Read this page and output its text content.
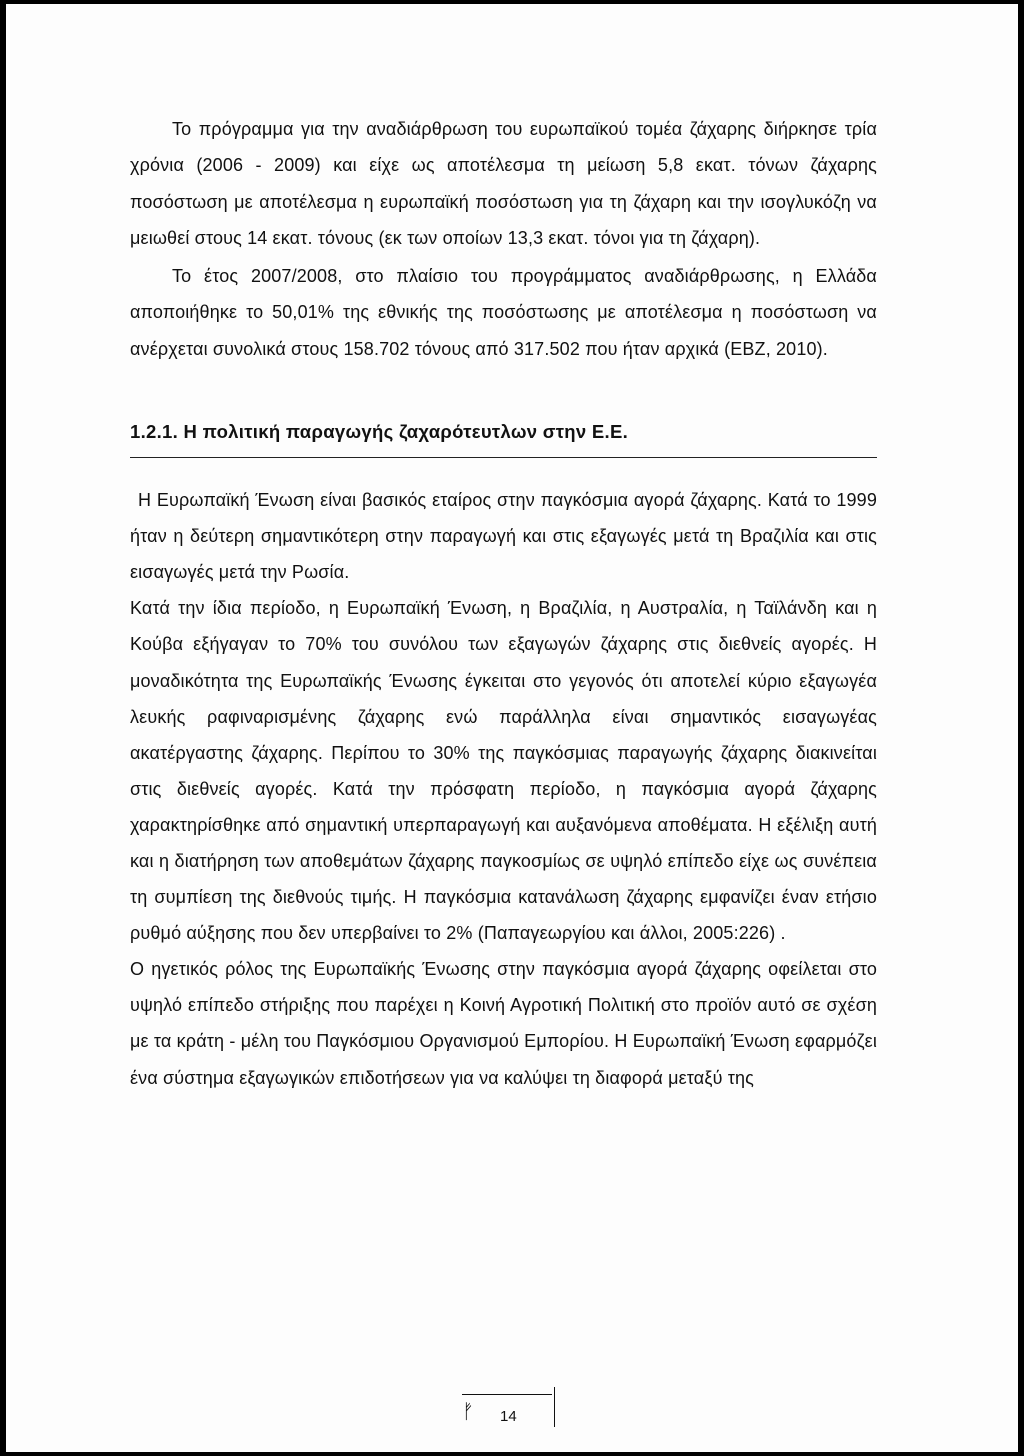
Το πρόγραμμα για την αναδιάρθρωση του ευρωπαϊκού τομέα ζάχαρης διήρκησε τρία χρόνια (2006 - 2009) και είχε ως αποτέλεσμα τη μείωση 5,8 εκατ. τόνων ζάχαρης ποσόστωση με αποτέλεσμα η ευρωπαϊκή ποσόστωση για τη ζάχαρη και την ισογλυκόζη να μειωθεί στους 14 εκατ. τόνους (εκ των οποίων 13,3 εκατ. τόνοι για τη ζάχαρη).

Το έτος 2007/2008, στο πλαίσιο του προγράμματος αναδιάρθρωσης, η Ελλάδα αποποιήθηκε το 50,01% της εθνικής της ποσόστωσης με αποτέλεσμα η ποσόστωση να ανέρχεται συνολικά στους 158.702 τόνους από 317.502 που ήταν αρχικά (ΕΒΖ, 2010).

1.2.1. Η πολιτική παραγωγής ζαχαρότευτλων στην Ε.Ε.

Η Ευρωπαϊκή Ένωση είναι βασικός εταίρος στην παγκόσμια αγορά ζάχαρης. Κατά το 1999 ήταν η δεύτερη σημαντικότερη στην παραγωγή και στις εξαγωγές μετά τη Βραζιλία και στις εισαγωγές μετά την Ρωσία.

Κατά την ίδια περίοδο, η Ευρωπαϊκή Ένωση, η Βραζιλία, η Αυστραλία, η Ταϊλάνδη και η Κούβα εξήγαγαν το 70% του συνόλου των εξαγωγών ζάχαρης στις διεθνείς αγορές. Η μοναδικότητα της Ευρωπαϊκής Ένωσης έγκειται στο γεγονός ότι αποτελεί κύριο εξαγωγέα λευκής ραφιναρισμένης ζάχαρης ενώ παράλληλα είναι σημαντικός εισαγωγέας ακατέργαστης ζάχαρης. Περίπου το 30% της παγκόσμιας παραγωγής ζάχαρης διακινείται στις διεθνείς αγορές. Κατά την πρόσφατη περίοδο, η παγκόσμια αγορά ζάχαρης χαρακτηρίσθηκε από σημαντική υπερπαραγωγή και αυξανόμενα αποθέματα. Η εξέλιξη αυτή και η διατήρηση των αποθεμάτων ζάχαρης παγκοσμίως σε υψηλό επίπεδο είχε ως συνέπεια τη συμπίεση της διεθνούς τιμής. Η παγκόσμια κατανάλωση ζάχαρης εμφανίζει έναν ετήσιο ρυθμό αύξησης που δεν υπερβαίνει το 2% (Παπαγεωργίου και άλλοι, 2005:226) .

Ο ηγετικός ρόλος της Ευρωπαϊκής Ένωσης στην παγκόσμια αγορά ζάχαρης οφείλεται στο υψηλό επίπεδο στήριξης που παρέχει η Κοινή Αγροτική Πολιτική στο προϊόν αυτό σε σχέση με τα κράτη - μέλη του Παγκόσμιου Οργανισμού Εμπορίου. Η Ευρωπαϊκή Ένωση εφαρμόζει ένα σύστημα εξαγωγικών επιδοτήσεων για να καλύψει τη διαφορά μεταξύ της

ᚠ 14
